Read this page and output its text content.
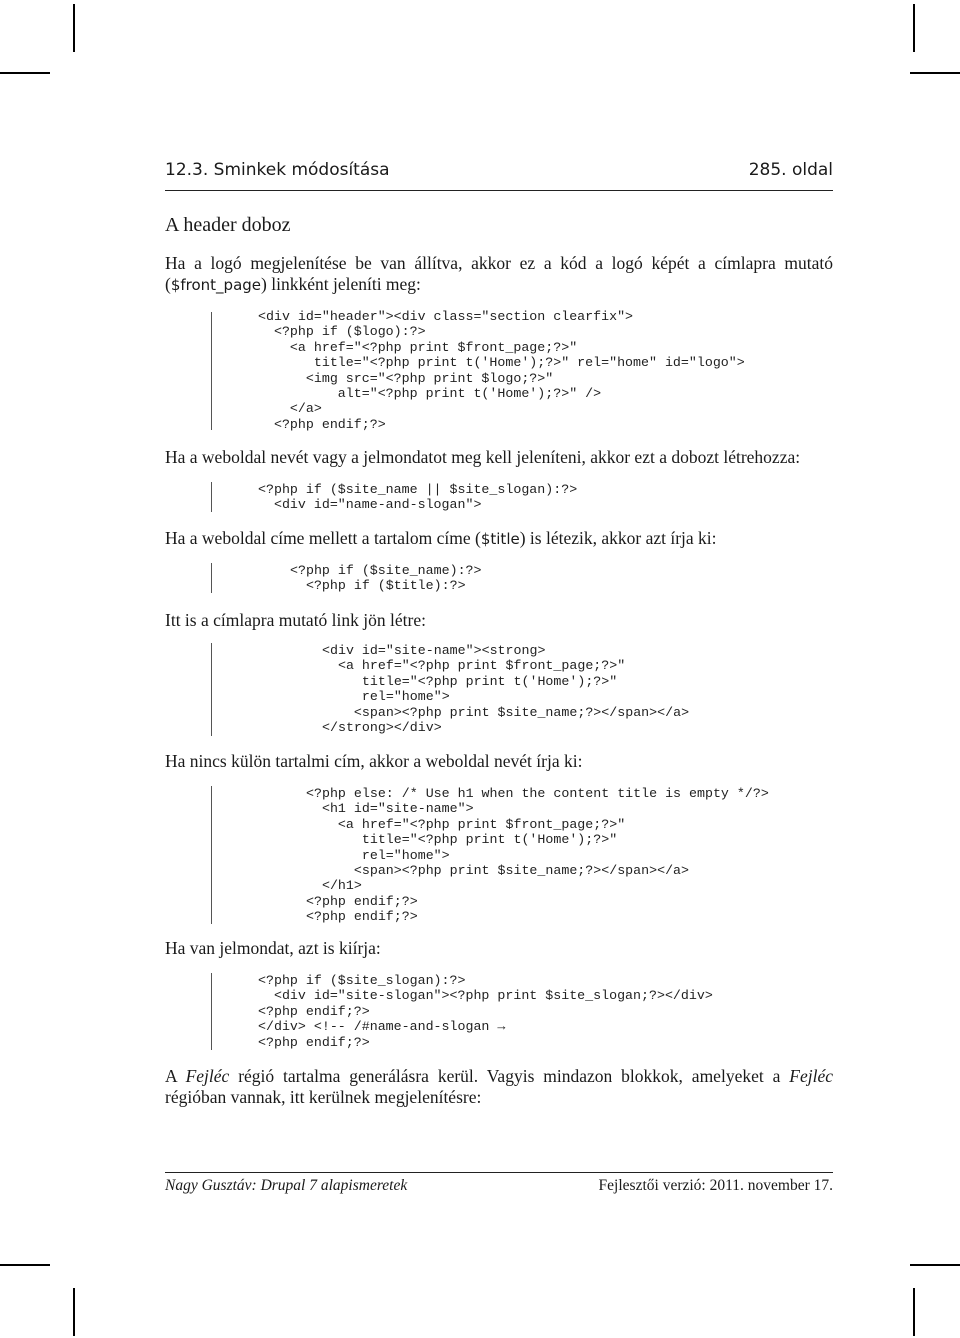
12.3. Sminkek módosítása	285. oldal
A header doboz
Ha a logó megjelenítése be van állítva, akkor ez a kód a logó képét a címlapra mutató ($front_page) linkként jeleníti meg:
<div id="header"><div class="section clearfix">
<?php if ($logo):?>
<a href="<?php print $front_page;?>"
title="<?php print t('Home');?>" rel="home" id="logo">
<img src="<?php print $logo;?>"
alt="<?php print t('Home');?>" />
</a>
<?php endif;?>
Ha a weboldal nevét vagy a jelmondatot meg kell jeleníteni, akkor ezt a dobozt létrehozza:
<?php if ($site_name || $site_slogan):?>
<div id="name-and-slogan">
Ha a weboldal címe mellett a tartalom címe ($title) is létezik, akkor azt írja ki:
<?php if ($site_name):?>
<?php if ($title):?>
Itt is a címlapra mutató link jön létre:
<div id="site-name"><strong>
<a href="<?php print $front_page;?>"
title="<?php print t('Home');?>"
rel="home">
<span><?php print $site_name;?></span></a>
</strong></div>
Ha nincs külön tartalmi cím, akkor a weboldal nevét írja ki:
<?php else: /* Use h1 when the content title is empty */?>
<h1 id="site-name">
<a href="<?php print $front_page;?>"
title="<?php print t('Home');?>"
rel="home">
<span><?php print $site_name;?></span></a>
</h1>
<?php endif;?>
<?php endif;?>
Ha van jelmondat, azt is kiírja:
<?php if ($site_slogan):?>
<div id="site-slogan"><?php print $site_slogan;?></div>
<?php endif;?>
</div> <!-- /#name-and-slogan →
<?php endif;?>
A Fejléc régió tartalma generálásra kerül. Vagyis mindazon blokkok, amelyeket a Fejléc régióban vannak, itt kerülnek megjelenítésre:
Nagy Gusztáv: Drupal 7 alapismeretek	Fejlesztői verzió: 2011. november 17.
